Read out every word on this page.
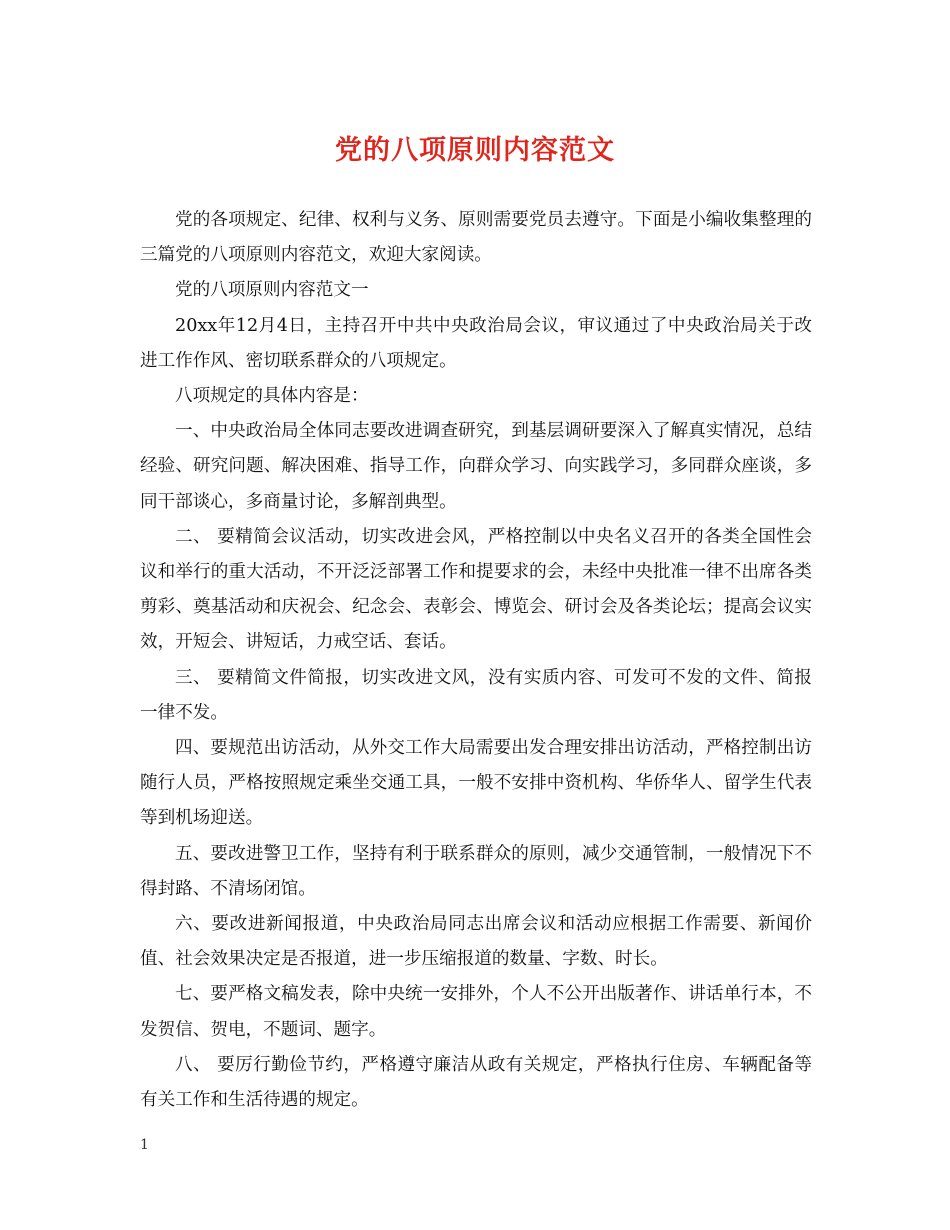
党的八项原则内容范文

党的各项规定、纪律、权利与义务、原则需要党员去遵守。下面是小编收集整理的三篇党的八项原则内容范文，欢迎大家阅读。

党的八项原则内容范文一

20xx年12月4日，主持召开中共中央政治局会议，审议通过了中央政治局关于改进工作作风、密切联系群众的八项规定。

八项规定的具体内容是：

一、中央政治局全体同志要改进调查研究，到基层调研要深入了解真实情况，总结经验、研究问题、解决困难、指导工作，向群众学习、向实践学习，多同群众座谈，多同干部谈心，多商量讨论，多解剖典型。

二、 要精简会议活动，切实改进会风，严格控制以中央名义召开的各类全国性会议和举行的重大活动，不开泛泛部署工作和提要求的会，未经中央批准一律不出席各类剪彩、奠基活动和庆祝会、纪念会、表彰会、博览会、研讨会及各类论坛；提高会议实效，开短会、讲短话，力戒空话、套话。

三、 要精简文件简报，切实改进文风，没有实质内容、可发可不发的文件、简报一律不发。

四、要规范出访活动，从外交工作大局需要出发合理安排出访活动，严格控制出访随行人员，严格按照规定乘坐交通工具，一般不安排中资机构、华侨华人、留学生代表等到机场迎送。

五、要改进警卫工作，坚持有利于联系群众的原则，减少交通管制，一般情况下不得封路、不清场闭馆。

六、要改进新闻报道，中央政治局同志出席会议和活动应根据工作需要、新闻价值、社会效果决定是否报道，进一步压缩报道的数量、字数、时长。

七、要严格文稿发表，除中央统一安排外，个人不公开出版著作、讲话单行本，不发贺信、贺电，不题词、题字。

八、 要厉行勤俭节约，严格遵守廉洁从政有关规定，严格执行住房、车辆配备等有关工作和生活待遇的规定。

1
